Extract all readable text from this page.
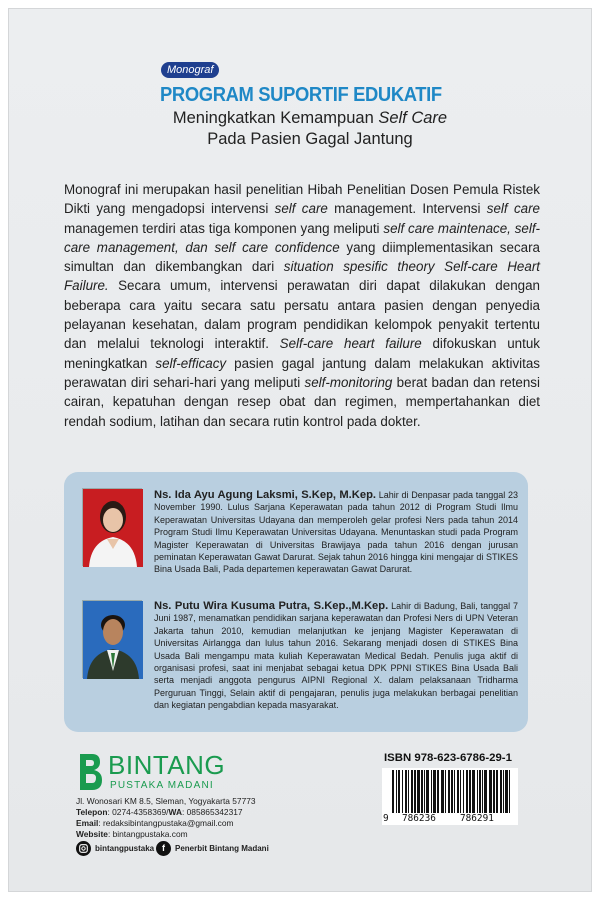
Monograf
PROGRAM SUPORTIF EDUKATIF
Meningkatkan Kemampuan Self Care
Pada Pasien Gagal Jantung
Monograf ini merupakan hasil penelitian Hibah Penelitian Dosen Pemula Ristek Dikti yang mengadopsi intervensi self care management. Intervensi self care managemen terdiri atas tiga komponen yang meliputi self care maintenace, self-care management, dan self care confidence yang diimplementasikan secara simultan dan dikembangkan dari situation spesific theory Self-care Heart Failure. Secara umum, intervensi perawatan diri dapat dilakukan dengan beberapa cara yaitu secara satu persatu antara pasien dengan penyedia pelayanan kesehatan, dalam program pendidikan kelompok penyakit tertentu dan melalui teknologi interaktif. Self-care heart failure difokuskan untuk meningkatkan self-efficacy pasien gagal jantung dalam melakukan aktivitas perawatan diri sehari-hari yang meliputi self-monitoring berat badan dan retensi cairan, kepatuhan dengan resep obat dan regimen, mempertahankan diet rendah sodium, latihan dan secara rutin kontrol pada dokter.
Ns. Ida Ayu Agung Laksmi, S.Kep, M.Kep. Lahir di Denpasar pada tanggal 23 November 1990. Lulus Sarjana Keperawatan pada tahun 2012 di Program Studi Ilmu Keperawatan Universitas Udayana dan memperoleh gelar profesi Ners pada tahun 2014 Program Studi Ilmu Keperawatan Universitas Udayana. Menuntaskan studi pada Program Magister Keperawatan di Universitas Brawijaya pada tahun 2016 dengan jurusan peminatan Keperawatan Gawat Darurat. Sejak tahun 2016 hingga kini mengajar di STIKES Bina Usada Bali, Pada departemen keperawatan Gawat Darurat.
Ns. Putu Wira Kusuma Putra, S.Kep.,M.Kep. Lahir di Badung, Bali, tanggal 7 Juni 1987, menamatkan pendidikan sarjana keperawatan dan Profesi Ners di UPN Veteran Jakarta tahun 2010, kemudian melanjutkan ke jenjang Magister Keperawatan di Universitas Airlangga dan lulus tahun 2016. Sekarang menjadi dosen di STIKES Bina Usada Bali mengampu mata kuliah Keperawatan Medical Bedah. Penulis juga aktif di organisasi profesi, saat ini menjabat sebagai ketua DPK PPNI STIKES Bina Usada Bali serta menjadi anggota pengurus AIPNI Regional X. dalam pelaksanaan Tridharma Perguruan Tinggi, Selain aktif di pengajaran, penulis juga melakukan berbagai penelitian dan kegiatan pengabdian kepada masyarakat.
BINTANG
PUSTAKA MADANI
Jl. Wonosari KM 8.5, Sleman, Yogyakarta 57773
Telepon: 0274-4358369/WA: 085865342317
Email: redaksibintangpustaka@gmail.com
Website: bintangpustaka.com
bintangpustaka f	Penerbit Bintang Madani
ISBN 978-623-6786-29-1
9 786236	786291
